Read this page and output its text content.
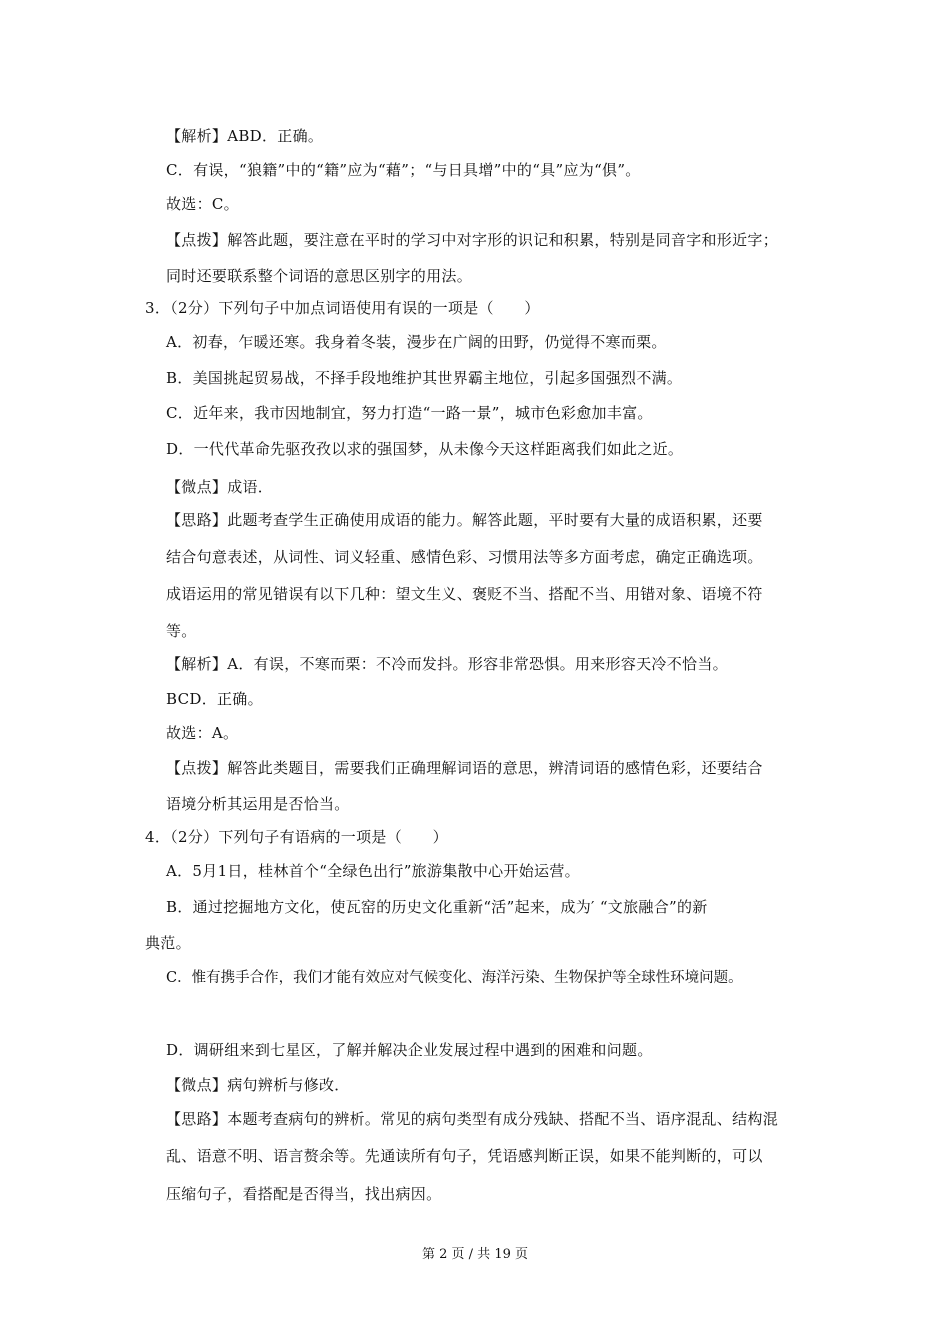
【解析】ABD．正确。
C．有误，“狼籍”中的“籍”应为“藉”；“与日具增”中的“具”应为“俱”。
故选：C。
【点拨】解答此题，要注意在平时的学习中对字形的识记和积累，特别是同音字和形近字；
同时还要联系整个词语的意思区别字的用法。
3．（2分）下列句子中加点词语使用有误的一项是（　　）
A．初春，乍暖还寒。我身着冬装，漫步在广阔的田野，仍觉得不寒而栗。
B．美国挑起贸易战，不择手段地维护其世界霸主地位，引起多国强烈不满。
C．近年来，我市因地制宜，努力打造“一路一景”，城市色彩愈加丰富。
D．一代代革命先驱孜孜以求的强国梦，从未像今天这样距离我们如此之近。
【微点】成语．
【思路】此题考查学生正确使用成语的能力。解答此题，平时要有大量的成语积累，还要
结合句意表述，从词性、词义轻重、感情色彩、习惯用法等多方面考虑，确定正确选项。
成语运用的常见错误有以下几种：望文生义、褒贬不当、搭配不当、用错对象、语境不符
等。
【解析】A．有误，不寒而栗：不冷而发抖。形容非常恐惧。用来形容天冷不恰当。
BCD．正确。
故选：A。
【点拨】解答此类题目，需要我们正确理解词语的意思，辨清词语的感情色彩，还要结合
语境分析其运用是否恰当。
4．（2分）下列句子有语病的一项是（　　）
A．5月1日，桂林首个“全绿色出行”旅游集散中心开始运营。
B．通过挖掘地方文化，使瓦窑的历史文化重新“活”起来，成为′ “文旅融合”的新
典范。
C．惟有携手合作，我们才能有效应对气候变化、海洋污染、生物保护等全球性环境问题。
D．调研组来到七星区，了解并解决企业发展过程中遇到的困难和问题。
【微点】病句辨析与修改．
【思路】本题考查病句的辨析。常见的病句类型有成分残缺、搭配不当、语序混乱、结构混
乱、语意不明、语言赘余等。先通读所有句子，凭语感判断正误，如果不能判断的，可以
压缩句子，看搭配是否得当，找出病因。
第 2 页 / 共 19 页
